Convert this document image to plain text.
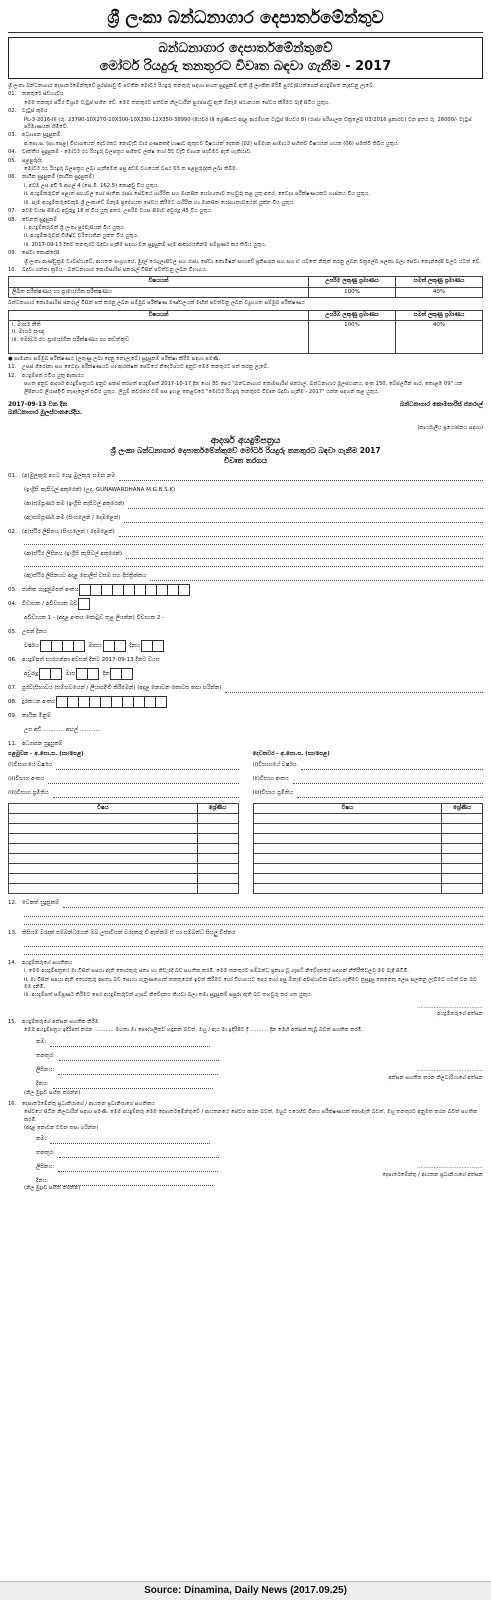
ශ්‍රී ලංකා බන්ධනාගාර දෙපාර්තමේන්තුව
බන්ධනාගාර දෙපාර්තමේන්තුවේ
මෝටර් රියදුරු තනතුරට විවෘත බඳවා ගැනීම - 2017

ශ්‍රී ලංකා බන්ධනාගාර දෙපාර්තමේන්තුවේ පුරප්පාඩු වී පවතින මෝටර් රියදුරු තනතුරු සඳහා පහත සුදුසුකම් ඇති ශ්‍රී ලාංකික පිරිමි පුරවැසියන්ගෙන් අයදුම්පත් කැඳවනු ලැබේ.

01. තනතුරේ ස්වභාවය

මෙම තනතුර ස්ථිර විශ්‍රාම වැටුප් සහිත වේ. මෙම තනතුරට පත්වන නිලධාරීන් පුරප්පාඩු ඇති ඕනෑම ස්ථානයක සේවය කිරීමට බැඳී සිටිය යුතුය.

02. වැටුප් කුමය

PL-3-2016-III (රු. 23790-10X270-10X300-10X330-12X350-38990 (පියවර III ශ්‍රේණියට අදාළ ආරම්භක වැටුප් පියවර 8) (රාජ්‍ය පරිපාලන චක්‍රලේඛ 03/2016 ප්‍රකාරව) වන අතර රු. 26000/- වැටුප් පරිමාණයක් හිමිවේ.

03. අධ්‍යාපන සුදුසුකම්

අ.පො.ස. (සා.පෙළ) විභාගයෙන් දෙවරකට නොවැඩි වාර ගණනකදී භාෂාව ඇතුළුව විෂයයන් දෙකක (02) සම්මාන සාමාර්ථ සහිතව විෂයයන් හයක (06) සමත්වී තිබිය යුතුය.

04. වෘත්තීය සුදුසුකම් - මෝටර් රථ රියදුරු බලපත්‍රය සහිතව ලක්ෂ හෝ ඊට වැඩි වාහන පදවීමට ඇති හැකියාව.

05. පළපුරුද්ද

මෝටර් රථ රියදුරු බලපත්‍රය ලබා ගැනීමෙන් පසු අවම වශයෙන් වසර 03 ක පළපුරුද්දක් ලබා තිබීම.

06. කායික සුදුසුකම් (කායික සුදුසුකම්)

i. අවම උස අඩි 5 අඟල් 4 (සෙ.මී. 162.5) නොඅඩු විය යුතුය.

ii. අයදුම්කරුවන් පළාත් සභාවල හෝ ජාතික රාජ්‍ය සේවයේ ශාරීරික සහ මානසික යෝග්‍යතාව තහවුරු කළ යුතු අතර, වෛද්‍ය පරීක්ෂණයකට භාජනය විය යුතුය.

iii. සෑම අයදුම්කරුවෙකුම ශ්‍රී ලංකාවේ ඕනෑම ප්‍රදේශයක සේවය කිරීමට ශාරීරික හා මානසික යෝග්‍යතාවයෙන් යුක්ත විය යුතුය.

07. අවම වයස සීමාව අවුරුදු 18 ක් විය යුතු අතර, උපරිම වයස සීමාව අවුරුදු 45 විය යුතුය.

08. වෙනත් සුදුසුකම්

i. අයදුම්කරුවන් ශ්‍රී ලංකා පුරවැසියන් විය යුතුය.

ii. අයදුම්කරුවන් විශිෂ්ට චරිතයකින් යුක්ත විය යුතුය.

iii. 2017-09-13 දිනට තනතුරට බඳවා ගැනීම සඳහා වන සුදුසුකම් සෑම ආකාරයකින්ම සම්පූර්ණ කර තිබිය යුතුය.

09. සේවා කොන්දේසි

ශ්‍රී ලංකා ආණ්ඩුක්‍රම ව්‍යවස්ථාවේ, ආයතන සංග්‍රහයේ, මුදල් රෙගුලාසිවල සහ රාජ්‍ය සේවා කොමිෂන් සභාවේ ප්‍රතිපාදන සහ සහ ඒ යටතේ නිකුත් කරනු ලබන චක්‍රලේඛ සලකා බලා සේවා කොන්දේසි වලට යටත් වේ.

10. බඳවා ගන්නා ක්‍රමය - බන්ධනාගාර කොමසාරිස් ජනරාල් විසින් පවත්වනු ලබන විභාගය.

විෂයයන්	උපරිම ලකුණු ප්‍රමාණය	සමත් ලකුණු ප්‍රමාණය
ලිඛිත පරීක්ෂණය හා ප්‍රායෝගික පරීක්ෂණය	100%	40%

බන්ධනාගාර කොමසාරිස් ජනරාල් විසින් පත් කරනු ලබන සම්මුඛ පරීක්ෂණ මණ්ඩලයක් මඟින් පවත්වනු ලබන ව්‍යුහගත සම්මුඛ පරීක්ෂණය

විෂයයන්	උපරිම ලකුණු ප්‍රමාණය	සමත් ලකුණු ප්‍රමාණය
i. මාර්ග නීති
ii. මාර්ග සංඥා
iii. මෝටර් රථ ප්‍රායෝගික පරීක්ෂණය හා නඩත්තුව	100%	40%

● සාමාන්‍ය සම්මුඛ පරීක්ෂණය (ලකුණු ලබා දෙනු නොලැබේ) සුදුසුකම් පරීක්ෂා කිරීම සඳහා පමණි.

11. උසස් ගිරෝනා සහ වෛද්‍ය පරීක්ෂණයට හා ආරක්ෂක සේවයේ නිර්දේශයට අනුව මෙම තනතුරට පත් කරනු ලැබේ.

12. අයදුම්පත් එවිය යුතු ආකාරය

පහත අනුව ආදර්ශ අයදුම්පත්‍රයට අනුව සකස් කරගත් අයදුම්පත් 2017-10-17 දින හෝ ඊට පෙර "බන්ධනාගාර කොමසාරිස් ජනරාල්, බන්ධනාගාර මූලස්ථානය, අංක 150, බේස්ලයින් පාර, කොළඹ 09" යන ලිපිනයට ලියාපදිංචි තැපෑලෙන් එවිය යුතුය. ලියුම් කවරයේ වම් පස ඉහළ කෙළවරේ "මෝටර් රියදුරු තනතුරට විවෘත බඳවා ගැනීම - 2017" යන්න සඳහන් කළ යුතුය.

2017-09-13 වන දින
බන්ධනාගාර මූලස්ථානයේදීය.
බන්ධනාගාර කොමසාරිස් ජනරාල්
(කාර්යාලීය ප්‍රයෝජනය සඳහා)
ආදර්ශ අයදුම්පත්‍රය
ශ්‍රී ලංකා බන්ධනාගාර දෙපාර්තමේන්තුවේ මෝටර් රියදුරු තනතුරට බඳවා ගැනීම 2017
විවෘත තරගය
01. (අ) මුලකුරු අගට යෙදූ මුලකුරු සමඟ නම
(ඉංග්‍රීසි කැපිටල් අකුරෙන්) (උදා. GUNAWARDHANA M.G.B.S.K)
(ආ) සම්පූර්ණ නම (ඉංග්‍රීසි කැපිටල් අකුරෙන්)
(ඇ) සම්පූර්ණ නම (සිංහලෙන් / දෙමළෙන්)
02. (අ) ස්ථිර ලිපිනය (සිංහලෙන් / දෙමළෙන්)
(ආ) ස්ථිර ලිපිනය (ඉංග්‍රීසි කැපිටල් අකුරෙන්)
(ඇ) ස්ථිර ලිපිනයට අදාළ පොලිස් වසම සහ දිස්ත්‍රික්කය
03. ජාතික හැඳුනුම්පත් අංකය

04. විවාහක / අවිවාහක බව

අවිවාහක 1 - (අදාළ අංකය කොටුව තුළ ලියන්න) විවාහක 2 -
05. උපන් දිනය
වර්ෂය

	මාසය

	දිනය

06. අයදුම්පත් භාරගන්නා අවසන් දිනට 2017-09-13 දිනට වයස
අවුරුදු

	මාස

	දින

07. පුරවැසිභාවය (සම්භවයෙන් / ලියාපදිංචි කිරීමෙන්) (අදාළ නොවන කොටස කපා හරින්න)
08. දුරකථන අංකය

09. කායික මිනුම්
උස අඩි ............ අඟල් ............
11. අධ්‍යාපන සුදුසුකම්
පළමුවන - අ.පො.ස. (සා/පෙළ)
(i) විභාගයේ වර්ෂය
(ii) විභාග අංකය
(iii) විභාග ප්‍රමිතිය
විෂය	ශ්‍රේණිය

දෙවනවර - අ.පො.ස. (සා/පෙළ)
(i) විභාගයේ වර්ෂය
(ii) විභාග අංකය
(iii) විභාග ප්‍රමිතිය
විෂය	ශ්‍රේණිය

12. වෙනත් සුදුසුකම්
13. කිසියම් වරදක් සම්බන්ධයෙන් ඔබ උසාවියක් වරදකරු වී ඇත්නම් ඒ හා සම්බන්ධ සියලු විස්තර

14. අයදුම්කරුගේ සහතිකය

i. මෙම අයදුම්පත්‍රයේ මා විසින් සපයා ඇති තොරතුරු සත්‍ය හා නිවැරදි බව සහතික කරමි. මෙම තනතුරට සම්බන්ධ ප්‍රකාශ වූ ගැසට් නිවේදනයේ සඳහන් නීතිරීතිවලට මම බැඳී සිටිමි.

ii. මා විසින් සපයා ඇති තොරතුරු අසත්‍ය බව සොයා ගැනුණහොත් තනතුරෙන් ඉවත් කිරීමට හෝ විභාගයට පෙර හෝ පසු ඕනෑම අවස්ථාවක බඳවා ගැනීමට නුසුදුසු කෙනෙකු ලෙස සලකනු ලැබීමට යටත් වන බව මම දනිමි.

iii. අයදුම්පත් සම්පූර්ණ කිරීමට පෙර අයදුම්කරුවන් ගැසට් නිවේදනය කියවා බලා තමා සුදුසුකම් සපුරා ඇති බව තහවුරු කර ගත යුතුය.

........................................
අයදුම්කරුගේ අත්සන

15. අයදුම්කරුගේ අත්සන සහතික කිරීම

මෙම අයදුම්පත්‍රය ඉදිරිපත් කරන ............ මහතා මා පෞද්ගලිකව හඳුනන බවත්, ඔහු / ඇය මා ඉදිරිපිට දී ........... දින මෙහි අත්සන් තැබූ බවත් සහතික කරමි.

නම :
තනතුර :
ලිපිනය :
දිනය :
........................................
අත්සන සහතික කරන නිලධාරියාගේ අත්සන
(නිල මුද්‍රාව සහිත කරන්න)

16. දෙපාර්තමේන්තු ප්‍රධානියාගේ / ආයතන ප්‍රධානියාගේ සහතිකය

සේවයේ සිටින නිලධාරීන් සඳහා පමණි. මෙම අයදුම්කරු මෙම දෙපාර්තමේන්තුවේ / ආයතනයේ සේවය කරන බවත්, ඔහුට එරෙහිව විනය පරීක්ෂණයක් නොමැති බවත්, ඔහු තනතුරට අනුමත කරන බවත් සහතික කරමි.

(අදාළ නොවන වචන කපා හරින්න)
නම :
තනතුර :
ලිපිනය :
දිනය :
........................................
දෙපාර්තමේන්තු / ආයතන ප්‍රධානියාගේ අත්සන
(නිල මුද්‍රාව සහිත කරන්න)
Source: Dinamina, Daily News (2017.09.25)
